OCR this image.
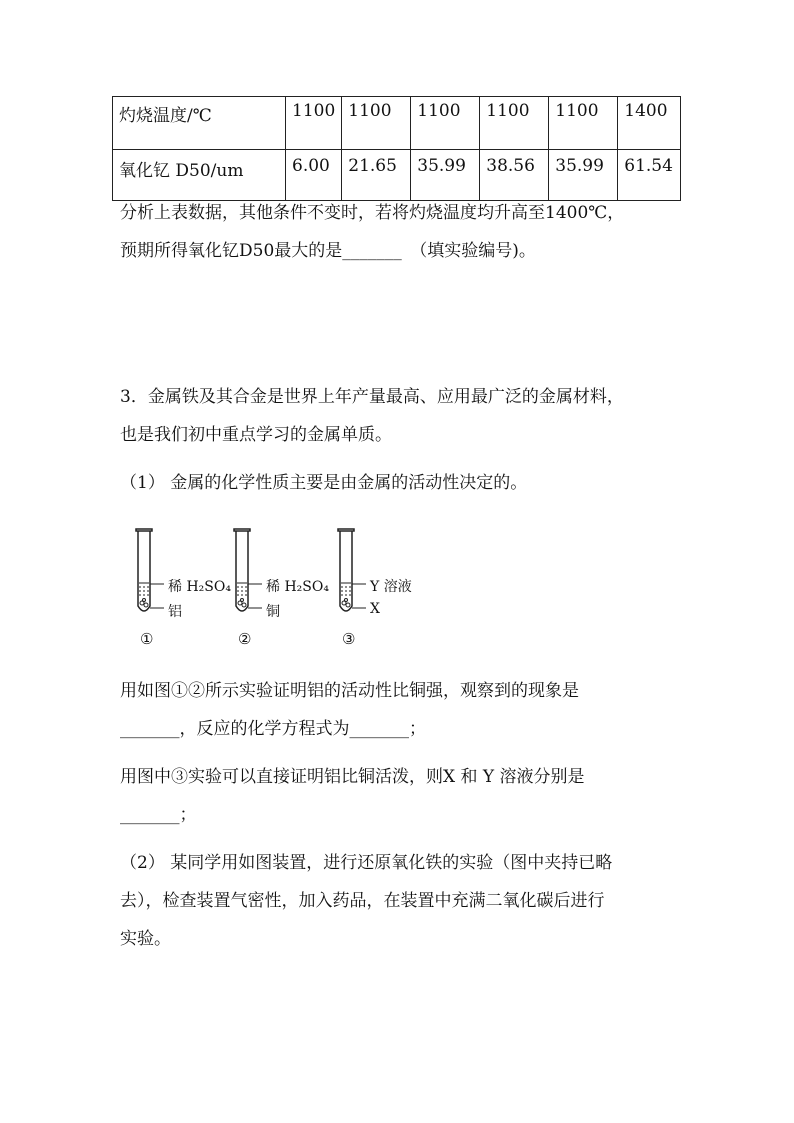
灼烧温度/℃	1100	1100	1100	1100	1100	1400
氧化钇 D50/um	6.00	21.65	35.99	38.56	35.99	61.54
分析上表数据，其他条件不变时，若将灼烧温度均升高至1400℃，
预期所得氧化钇D50最大的是_______　（填实验编号)。
3．金属铁及其合金是世界上年产量最高、应用最广泛的金属材料，
也是我们初中重点学习的金属单质。
（1） 金属的化学性质主要是由金属的活动性决定的。
稀 H₂SO₄
铝
①
稀 H₂SO₄
铜
②
Y 溶液
X
③
用如图①②所示实验证明铝的活动性比铜强，观察到的现象是
_______，反应的化学方程式为_______；
用图中③实验可以直接证明铝比铜活泼，则X 和 Y 溶液分别是
_______；
（2） 某同学用如图装置，进行还原氧化铁的实验（图中夹持已略
去），检查装置气密性，加入药品，在装置中充满二氧化碳后进行
实验。
